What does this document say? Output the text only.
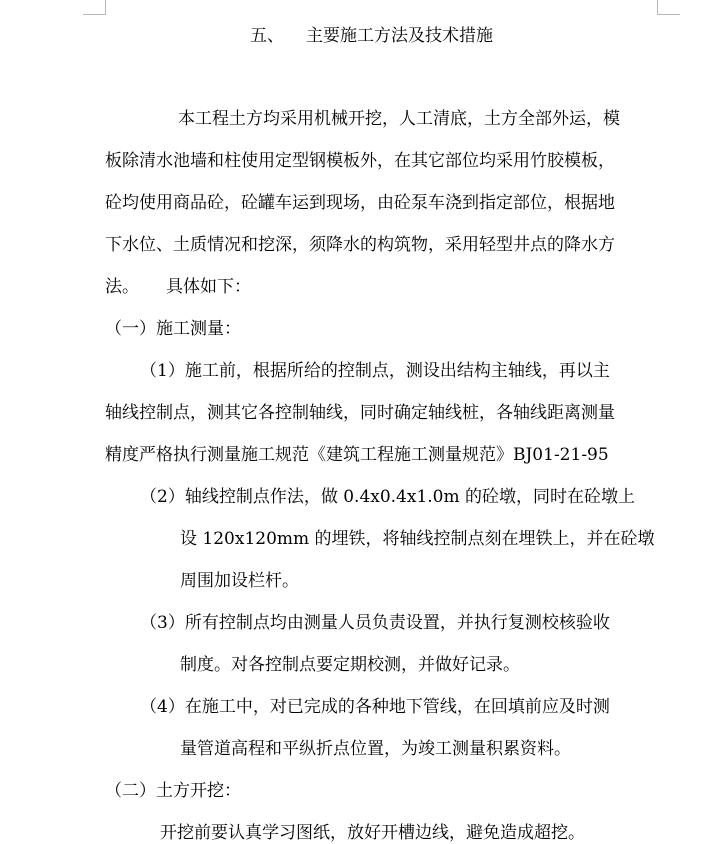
五、 主要施工方法及技术措施
本工程土方均采用机械开挖，人工清底，土方全部外运，模
板除清水池墙和柱使用定型钢模板外，在其它部位均采用竹胶模板，
砼均使用商品砼，砼罐车运到现场，由砼泵车浇到指定部位，根据地
下水位、土质情况和挖深，须降水的构筑物，采用轻型井点的降水方
法。     具体如下：
（一）施工测量：
（1）施工前，根据所给的控制点，测设出结构主轴线，再以主
轴线控制点，测其它各控制轴线，同时确定轴线桩，各轴线距离测量
精度严格执行测量施工规范《建筑工程施工测量规范》BJ01-21-95
（2）轴线控制点作法，做 0.4x0.4x1.0m 的砼墩，同时在砼墩上
设 120x120mm 的埋铁，将轴线控制点刻在埋铁上，并在砼墩
周围加设栏杆。
（3）所有控制点均由测量人员负责设置，并执行复测校核验收
制度。对各控制点要定期校测，并做好记录。
（4）在施工中，对已完成的各种地下管线，在回填前应及时测
量管道高程和平纵折点位置，为竣工测量积累资料。
（二）土方开挖：
开挖前要认真学习图纸，放好开槽边线，避免造成超挖。
